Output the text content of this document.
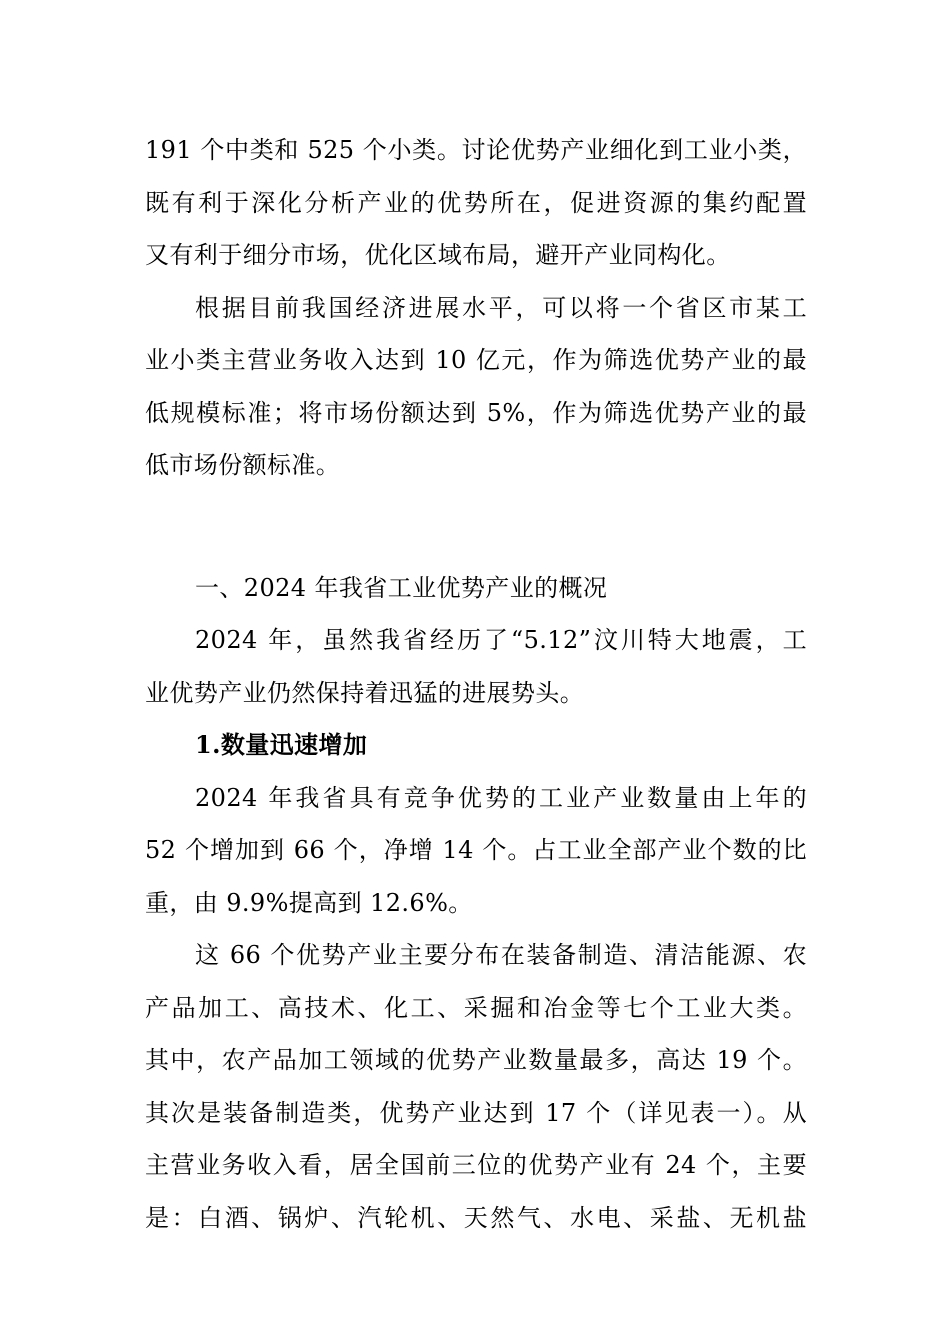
191 个中类和 525 个小类。讨论优势产业细化到工业小类，
既有利于深化分析产业的优势所在，促进资源的集约配置
又有利于细分市场，优化区域布局，避开产业同构化。
根据目前我国经济进展水平，可以将一个省区市某工
业小类主营业务收入达到 10 亿元，作为筛选优势产业的最
低规模标准；将市场份额达到 5%，作为筛选优势产业的最
低市场份额标准。
一、2024 年我省工业优势产业的概况
2024 年，虽然我省经历了“5.12”汶川特大地震，工
业优势产业仍然保持着迅猛的进展势头。
1.数量迅速增加
2024 年我省具有竞争优势的工业产业数量由上年的
52 个增加到 66 个，净增 14 个。占工业全部产业个数的比
重，由 9.9%提高到 12.6%。
这 66 个优势产业主要分布在装备制造、清洁能源、农
产品加工、高技术、化工、采掘和冶金等七个工业大类。
其中，农产品加工领域的优势产业数量最多，高达 19 个。
其次是装备制造类，优势产业达到 17 个（详见表一）。从
主营业务收入看，居全国前三位的优势产业有 24 个，主要
是：白酒、锅炉、汽轮机、天然气、水电、采盐、无机盐
